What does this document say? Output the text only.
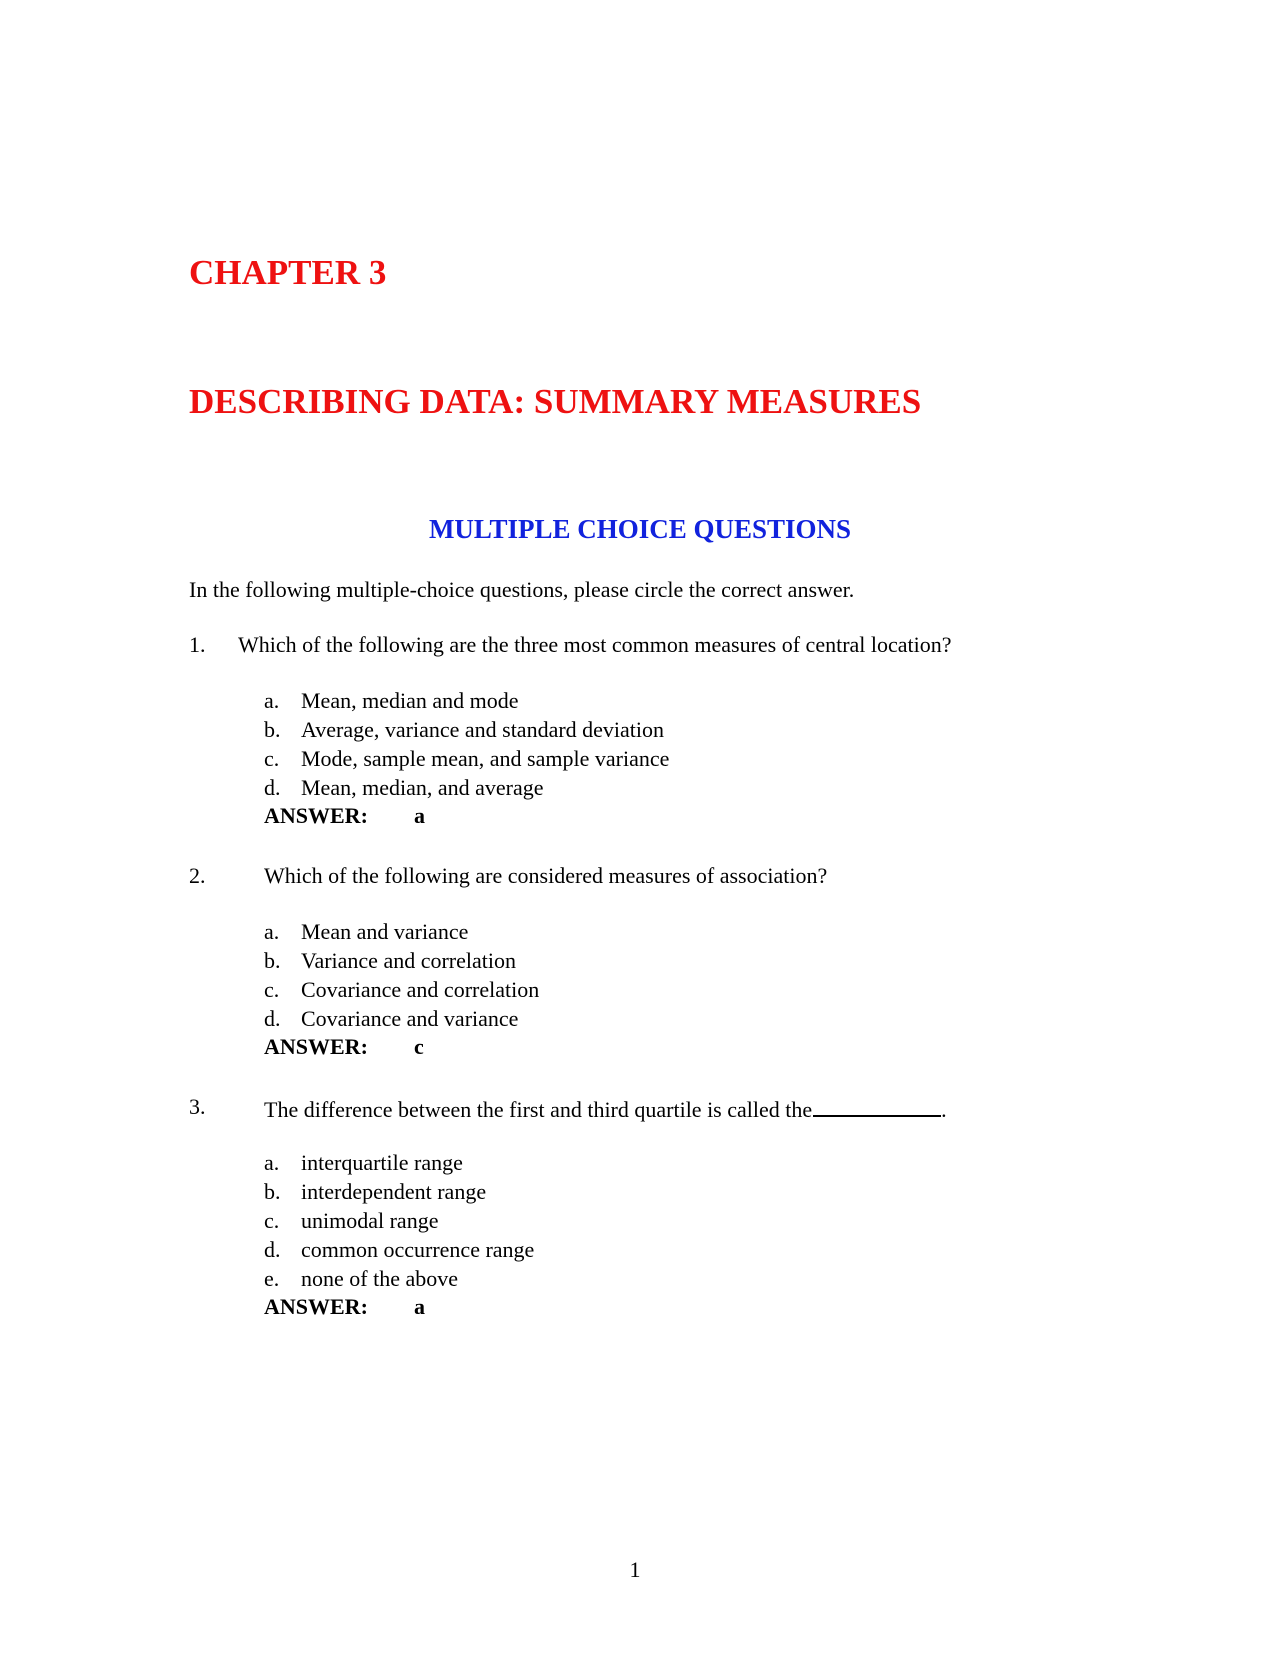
CHAPTER 3
DESCRIBING DATA: SUMMARY MEASURES
MULTIPLE CHOICE QUESTIONS

In the following multiple-choice questions, please circle the correct answer.

1. Which of the following are the three most common measures of central location?
a. Mean, median and mode
b. Average, variance and standard deviation
c. Mode, sample mean, and sample variance
d. Mean, median, and average
ANSWER: a
2.	Which of the following are considered measures of association?
a. Mean and variance
b. Variance and correlation
c. Covariance and correlation
d. Covariance and variance
ANSWER: c
3.	The difference between the first and third quartile is called the	.
a. interquartile range
b. interdependent range
c. unimodal range
d. common occurrence range
e. none of the above
ANSWER: a
1
